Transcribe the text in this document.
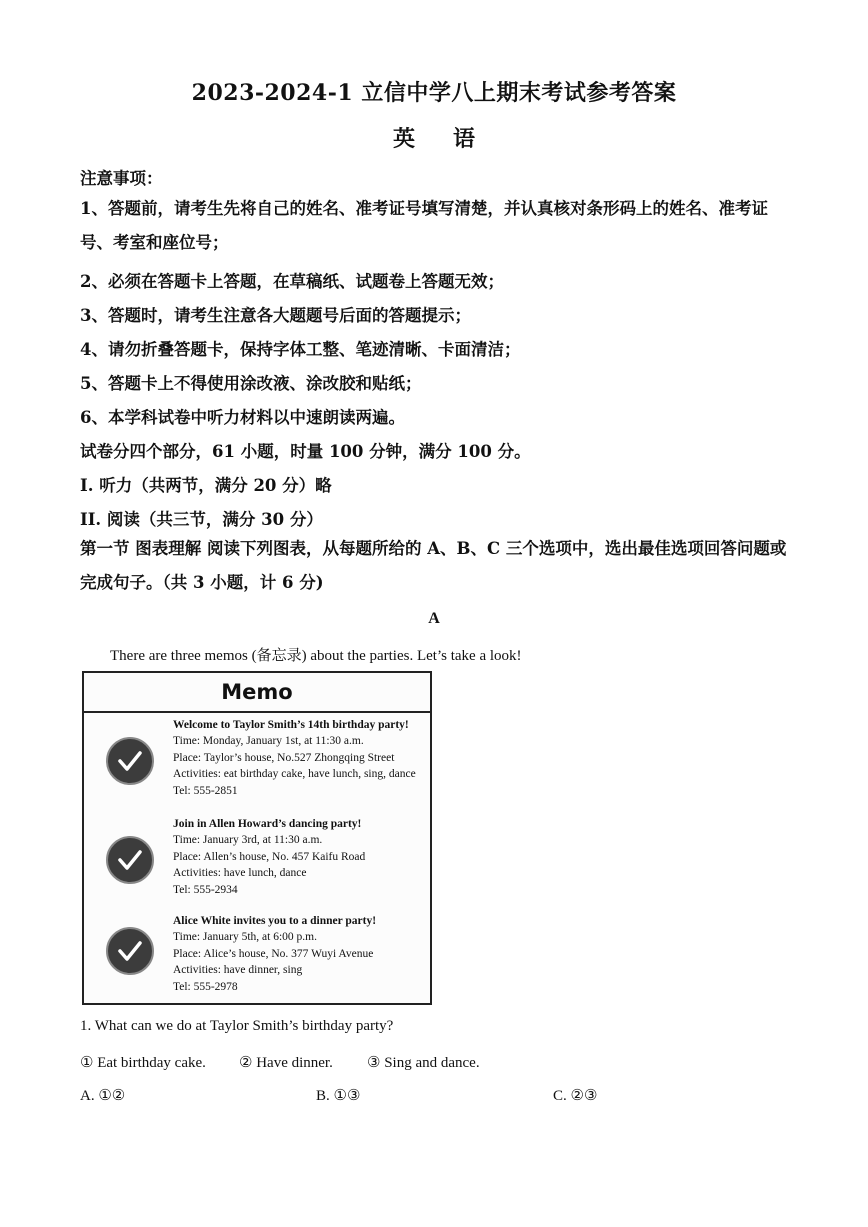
2023-2024-1 立信中学八上期末考试参考答案
英语
注意事项：
1、答题前，请考生先将自己的姓名、准考证号填写清楚，并认真核对条形码上的姓名、准考证号、考室和座位号；
2、必须在答题卡上答题，在草稿纸、试题卷上答题无效；
3、答题时，请考生注意各大题题号后面的答题提示；
4、请勿折叠答题卡，保持字体工整、笔迹清晰、卡面清洁；
5、答题卡上不得使用涂改液、涂改胶和贴纸；
6、本学科试卷中听力材料以中速朗读两遍。
试卷分四个部分，61 小题，时量 100 分钟，满分 100 分。
I. 听力（共两节，满分 20 分）略
II. 阅读（共三节，满分 30 分）
第一节 图表理解 阅读下列图表，从每题所给的 A、B、C 三个选项中，选出最佳选项回答问题或完成句子。（共 3 小题，计 6 分)
A
There are three memos (备忘录) about the parties. Let’s take a look!
Memo
Welcome to Taylor Smith’s 14th birthday party!
Time: Monday, January 1st, at 11:30 a.m.
Place: Taylor’s house, No.527 Zhongqing Street
Activities: eat birthday cake, have lunch, sing, dance
Tel: 555-2851
Join in Allen Howard’s dancing party!
Time: January 3rd, at 11:30 a.m.
Place: Allen’s house, No. 457 Kaifu Road
Activities: have lunch, dance
Tel: 555-2934
Alice White invites you to a dinner party!
Time: January 5th, at 6:00 p.m.
Place: Alice’s house, No. 377 Wuyi Avenue
Activities: have dinner, sing
Tel: 555-2978
1. What can we do at Taylor Smith’s birthday party?
① Eat birthday cake. ② Have dinner. ③ Sing and dance.
A. ①②	B. ①③	C. ②③
